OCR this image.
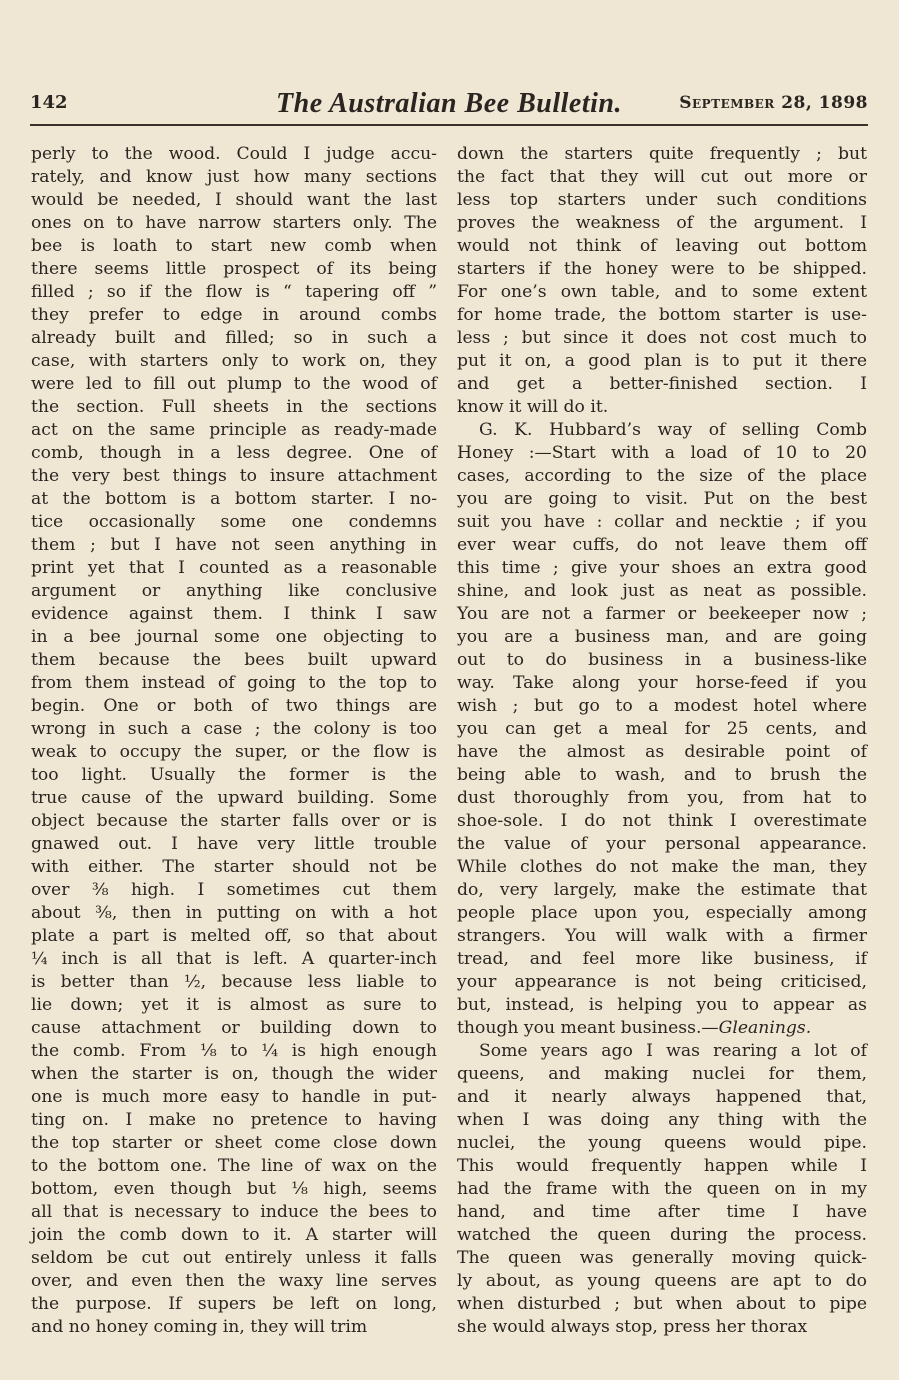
142	The Australian Bee Bulletin.	September 28, 1898
perly to the wood. Could I judge accu-
rately, and know just how many sections
would be needed, I should want the last
ones on to have narrow starters only. The
bee is loath to start new comb when
there seems little prospect of its being
filled ; so if the flow is “ tapering off ”
they prefer to edge in around combs
already built and filled; so in such a
case, with starters only to work on, they
were led to fill out plump to the wood of
the section. Full sheets in the sections
act on the same principle as ready-made
comb, though in a less degree. One of
the very best things to insure attachment
at the bottom is a bottom starter. I no-
tice occasionally some one condemns
them ; but I have not seen anything in
print yet that I counted as a reasonable
argument or anything like conclusive
evidence against them. I think I saw
in a bee journal some one objecting to
them because the bees built upward
from them instead of going to the top to
begin. One or both of two things are
wrong in such a case ; the colony is too
weak to occupy the super, or the flow is
too light. Usually the former is the
true cause of the upward building. Some
object because the starter falls over or is
gnawed out. I have very little trouble
with either. The starter should not be
over ⅜ high. I sometimes cut them
about ⅜, then in putting on with a hot
plate a part is melted off, so that about
¼ inch is all that is left. A quarter-inch
is better than ½, because less liable to
lie down; yet it is almost as sure to
cause attachment or building down to
the comb. From ⅛ to ¼ is high enough
when the starter is on, though the wider
one is much more easy to handle in put-
ting on. I make no pretence to having
the top starter or sheet come close down
to the bottom one. The line of wax on the
bottom, even though but ⅛ high, seems
all that is necessary to induce the bees to
join the comb down to it. A starter will
seldom be cut out entirely unless it falls
over, and even then the waxy line serves
the purpose. If supers be left on long,
and no honey coming in, they will trim
down the starters quite frequently ; but
the fact that they will cut out more or
less top starters under such conditions
proves the weakness of the argument. I
would not think of leaving out bottom
starters if the honey were to be shipped.
For one’s own table, and to some extent
for home trade, the bottom starter is use-
less ; but since it does not cost much to
put it on, a good plan is to put it there
and get a better-finished section. I
know it will do it.
G. K. Hubbard’s way of selling Comb
Honey :—Start with a load of 10 to 20
cases, according to the size of the place
you are going to visit. Put on the best
suit you have : collar and necktie ; if you
ever wear cuffs, do not leave them off
this time ; give your shoes an extra good
shine, and look just as neat as possible.
You are not a farmer or beekeeper now ;
you are a business man, and are going
out to do business in a business-like
way. Take along your horse-feed if you
wish ; but go to a modest hotel where
you can get a meal for 25 cents, and
have the almost as desirable point of
being able to wash, and to brush the
dust thoroughly from you, from hat to
shoe-sole. I do not think I overestimate
the value of your personal appearance.
While clothes do not make the man, they
do, very largely, make the estimate that
people place upon you, especially among
strangers. You will walk with a firmer
tread, and feel more like business, if
your appearance is not being criticised,
but, instead, is helping you to appear as
though you meant business.—Gleanings.
Some years ago I was rearing a lot of
queens, and making nuclei for them,
and it nearly always happened that,
when I was doing any thing with the
nuclei, the young queens would pipe.
This would frequently happen while I
had the frame with the queen on in my
hand, and time after time I have
watched the queen during the process.
The queen was generally moving quick-
ly about, as young queens are apt to do
when disturbed ; but when about to pipe
she would always stop, press her thorax
